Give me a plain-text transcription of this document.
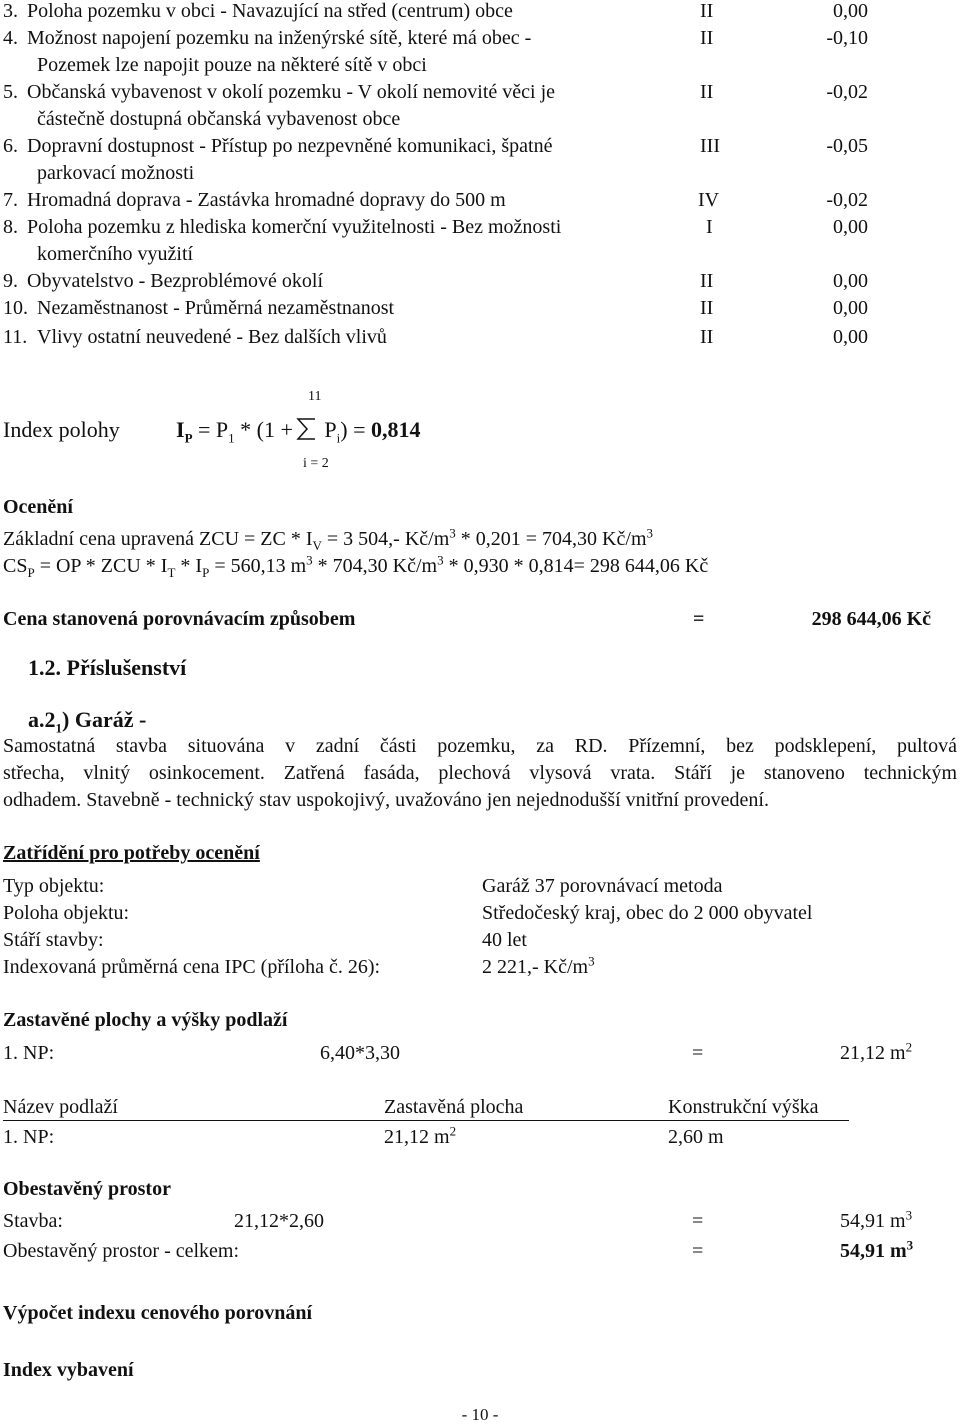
3. Poloha pozemku v obci - Navazující na střed (centrum) obce	II	0,00
4. Možnost napojení pozemku na inženýrské sítě, které má obec -
Pozemek lze napojit pouze na některé sítě v obci
II	-0,10
5. Občanská vybavenost v okolí pozemku - V okolí nemovité věci je
částečně dostupná občanská vybavenost obce
II	-0,02
6. Dopravní dostupnost - Přístup po nezpevněné komunikaci, špatné
parkovací možnosti
III	-0,05
7. Hromadná doprava - Zastávka hromadné dopravy do 500 m	IV	-0,02
8. Poloha pozemku z hlediska komerční využitelnosti - Bez možnosti
komerčního využití
I	0,00
9. Obyvatelstvo - Bezproblémové okolí	II	0,00
10. Nezaměstnanost - Průměrná nezaměstnanost	II	0,00
11. Vlivy ostatní neuvedené - Bez dalších vlivů	II	0,00
11
Index polohy	$I_P = P_1 * (1 + P_i) = 0,814$
i = 2
Ocenění
Základní cena upravená ZCU = ZC * $I_V = 3$ 504,- $Kč/m^3 * 0,201 = 704,30$ $Kč/m^3$
$CS_P$ = OP * ZCU * $I_T * I_P = 560,13$ $m^3 * 704,30$ $Kč/m^3 * 0,930 * 0,814= 298$ 644,06 Kč
Cena stanovená porovnávacím způsobem	=	298 644,06 Kč
1.2. Příslušenství
$a.2_1$) Garáž -
Samostatná stavba situována v zadní části pozemku, za RD. Přízemní, bez podsklepení, pultová
střecha, vlnitý osinkocement. Zatřená fasáda, plechová vlysová vrata. Stáří je stanoveno technickým
odhadem. Stavebně - technický stav uspokojivý, uvažováno jen nejednodušší vnitřní provedení.
Zatřídění pro potřeby ocenění
Typ objektu:	Garáž 37 porovnávací metoda
Poloha objektu:	Středočeský kraj, obec do 2 000 obyvatel
Stáří stavby:	40 let
Indexovaná průměrná cena IPC (příloha č. 26):	2 221,- $Kč/m^3$
Zastavěné plochy a výšky podlaží
1. NP:	6,40*3,30	=	21,12 $m^2$
Název podlaží	Zastavěná plocha	Konstrukční výška
1. NP:	21,12 $m^2$	2,60 m
Obestavěný prostor
Stavba:	21,12*2,60	=	54,91 $m^3$
Obestavěný prostor - celkem:	=	54,91 $m^3$
Výpočet indexu cenového porovnání
Index vybavení
- 10 -
